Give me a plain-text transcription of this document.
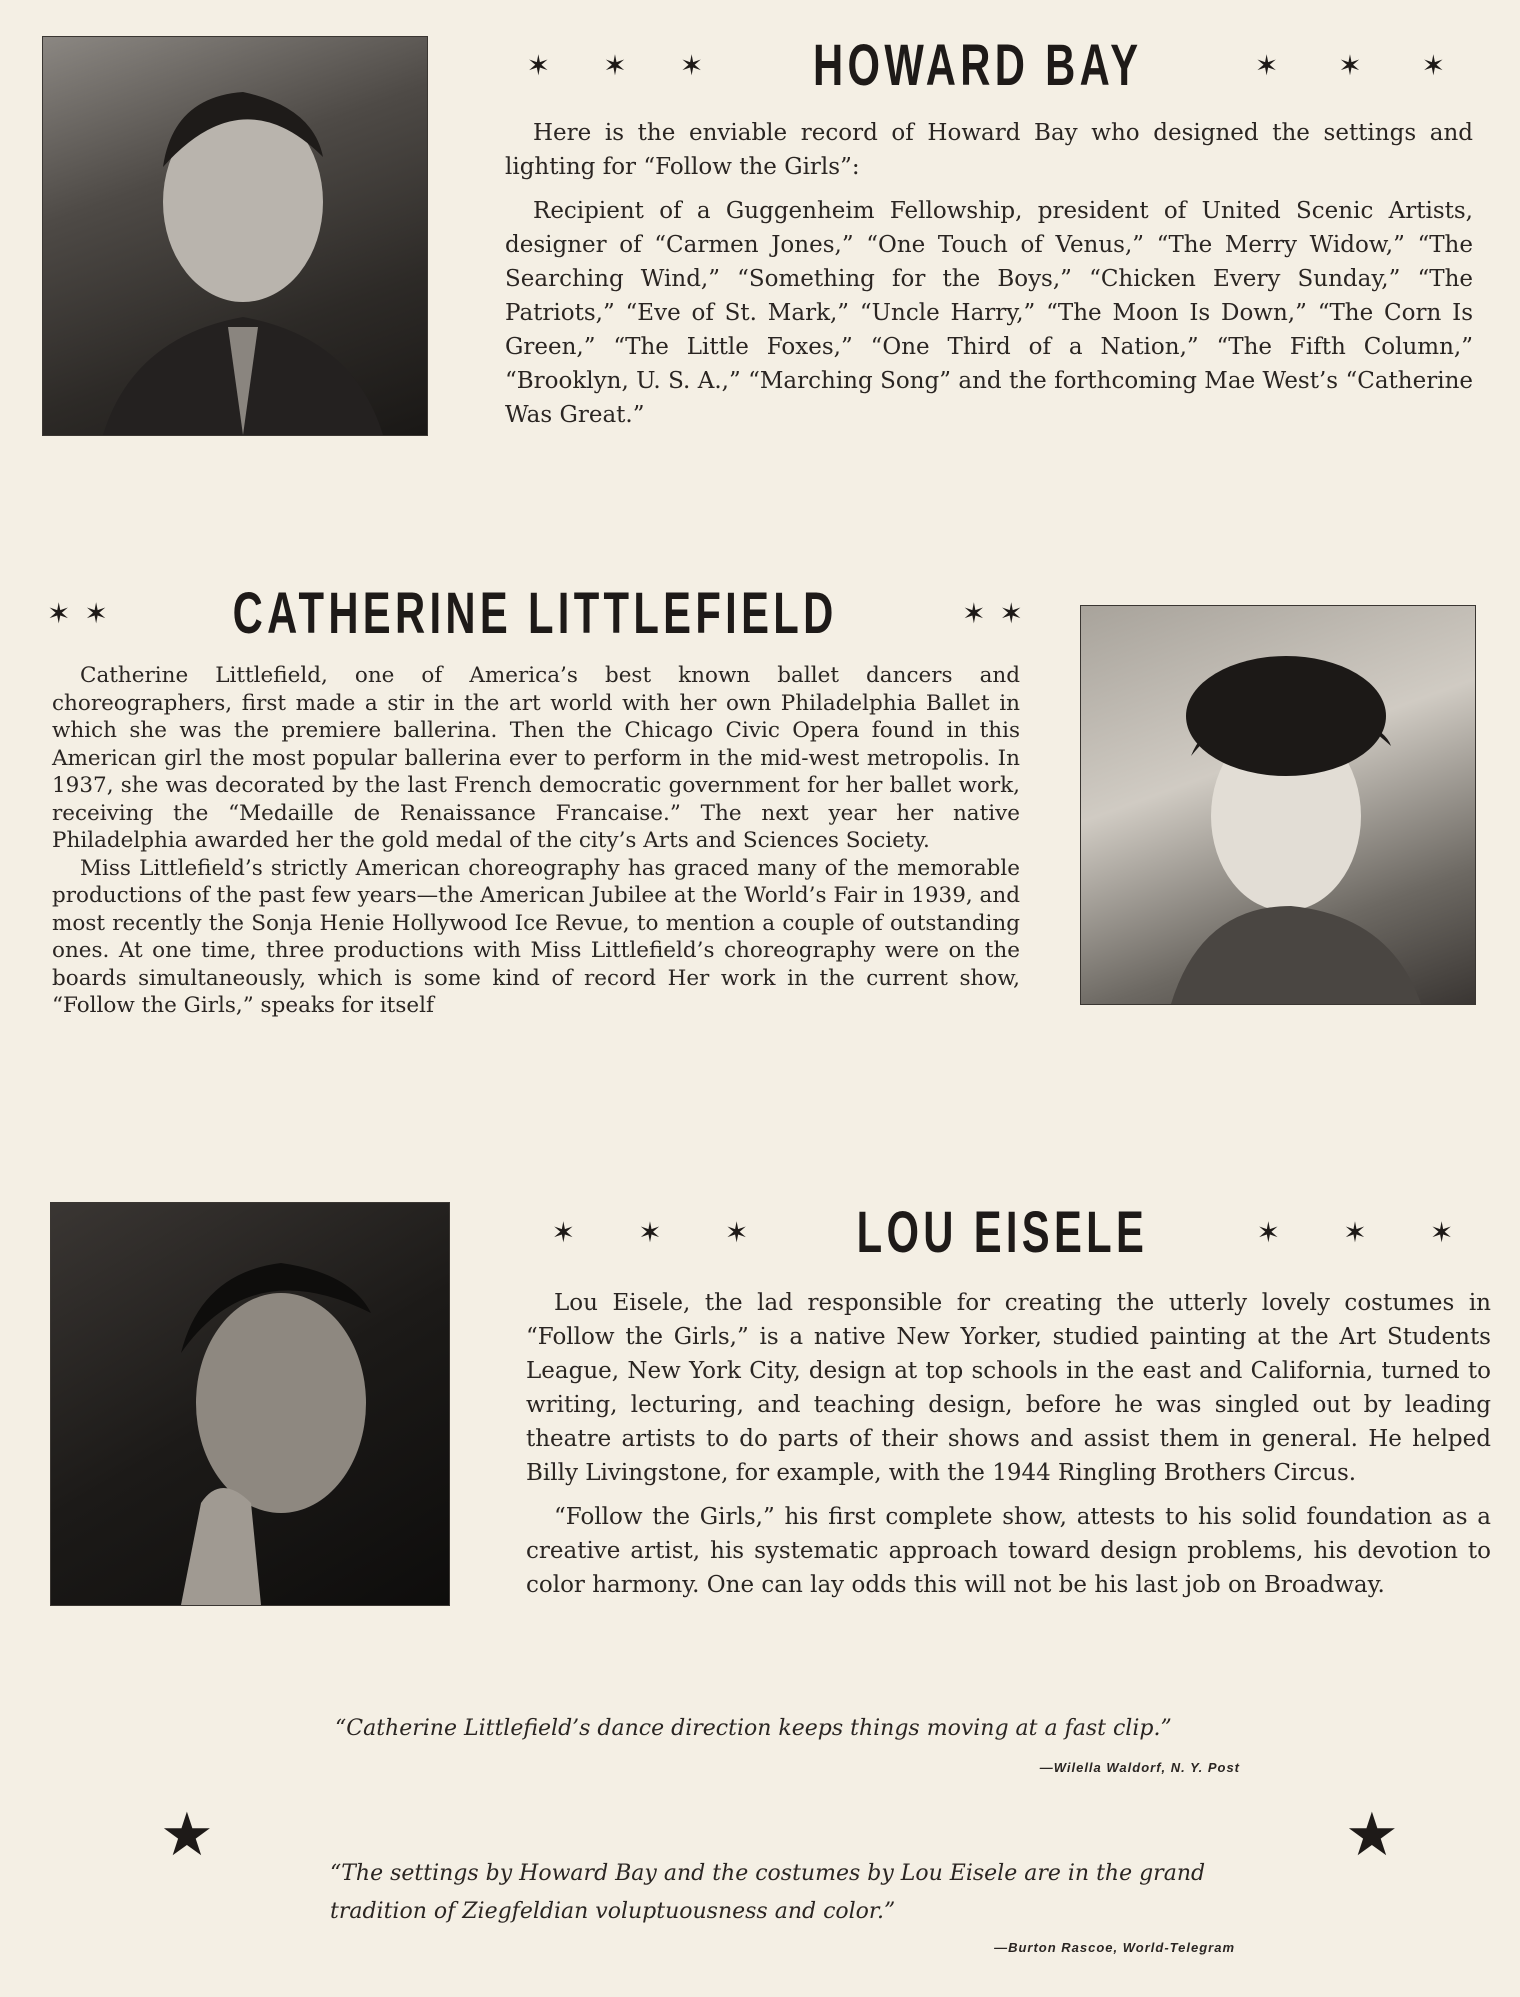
✶ ✶ ✶ HOWARD BAY	✶ ✶ ✶

Here is the enviable record of Howard Bay who designed the settings and lighting for “Follow the Girls”:

Recipient of a Guggenheim Fellowship, president of United Scenic Artists, designer of “Carmen Jones,” “One Touch of Venus,” “The Merry Widow,” “The Searching Wind,” “Something for the Boys,” “Chicken Every Sunday,” “The Patriots,” “Eve of St. Mark,” “Uncle Harry,” “The Moon Is Down,” “The Corn Is Green,” “The Little Foxes,” “One Third of a Nation,” “The Fifth Column,” “Brooklyn, U. S. A.,” “Marching Song” and the forthcoming Mae West’s “Catherine Was Great.”

✶ ✶ CATHERINE LITTLEFIELD	✶ ✶

Catherine Littlefield, one of America’s best known ballet dancers and choreographers, first made a stir in the art world with her own Philadelphia Ballet in which she was the premiere ballerina. Then the Chicago Civic Opera found in this American girl the most popular ballerina ever to perform in the mid-west metropolis. In 1937, she was decorated by the last French democratic government for her ballet work, receiving the “Medaille de Renaissance Francaise.” The next year her native Philadelphia awarded her the gold medal of the city’s Arts and Sciences Society.

Miss Littlefield’s strictly American choreography has graced many of the memorable productions of the past few years—the American Jubilee at the World’s Fair in 1939, and most recently the Sonja Henie Hollywood Ice Revue, to mention a couple of outstanding ones. At one time, three productions with Miss Littlefield’s choreography were on the boards simultaneously, which is some kind of record Her work in the current show, “Follow the Girls,” speaks for itself

✶ ✶ ✶ LOU EISELE	✶ ✶ ✶

Lou Eisele, the lad responsible for creating the utterly lovely costumes in “Follow the Girls,” is a native New Yorker, studied painting at the Art Students League, New York City, design at top schools in the east and California, turned to writing, lecturing, and teaching design, before he was singled out by leading theatre artists to do parts of their shows and assist them in general. He helped Billy Livingstone, for example, with the 1944 Ringling Brothers Circus.

“Follow the Girls,” his first complete show, attests to his solid foundation as a creative artist, his systematic approach toward design problems, his devotion to color harmony. One can lay odds this will not be his last job on Broadway.

“Catherine Littlefield’s dance direction keeps things moving at a fast clip.”
—Wilella Waldorf, N. Y. Post
★	★
“The settings by Howard Bay and the costumes by Lou Eisele are in the grand tradition of Ziegfeldian voluptuousness and color.”
—Burton Rascoe, World-Telegram
